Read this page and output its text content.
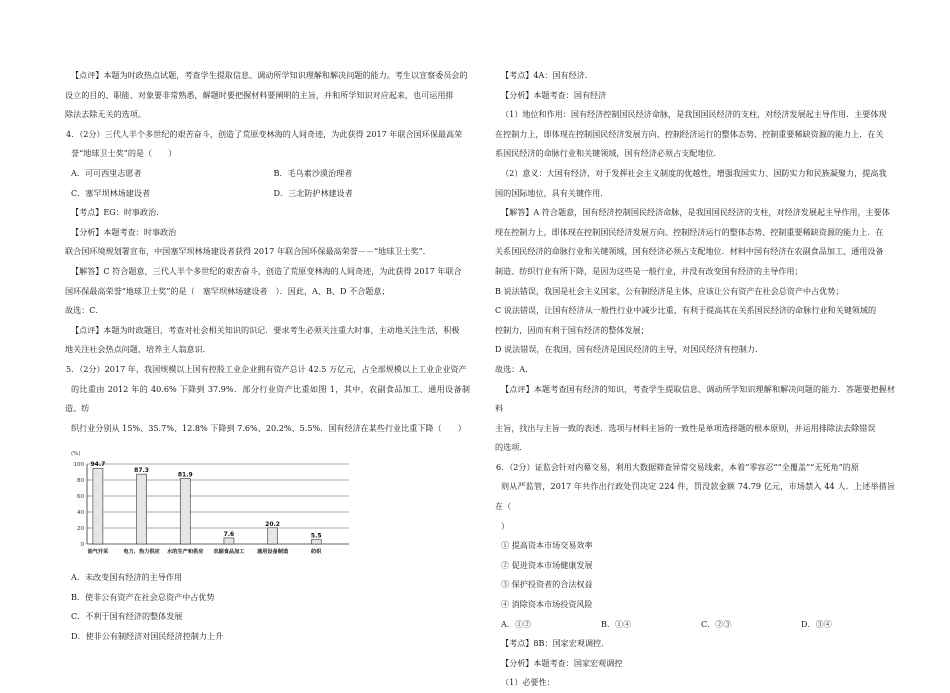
【点评】本题为时政热点试题，考查学生提取信息、调动所学知识理解和解决问题的能力。考生以宣察委员会的

设立的目的、职能、对象要非常熟悉，解题时要把握材料要阐明的主旨，并和所学知识对应起来，也可运用排

除法去除无关的选项。

4．（2分）三代人半个多世纪的艰苦奋斗，创造了荒原变林海的人间奇迹，为此获得 2017 年联合国环保最高荣

誉“地球卫士奖”的是（　　）

A．可可西里志愿者	B．毛乌素沙漠治理者
C．塞罕坝林场建设者	D．三北防护林建设者

【考点】EG：时事政治．

【分析】本题考查：时事政治

联合国环境规划署宣布，中国塞罕坝林场建设者获得 2017 年联合国环保最高荣誉－－“地球卫士奖”．

【解答】C 符合题意，三代人半个多世纪的艰苦奋斗，创造了荒原变林海的人间奇迹，为此获得 2017 年联合

国环保最高荣誉“地球卫士奖”的是（　塞罕坝林场建设者　）．因此，A、B、D 不合题意；

故选：C．

【点评】本题为时政题目，考查对社会相关知识的识记．要求考生必须关注重大时事，主动地关注生活，积极

地关注社会热点问题，培养主人翁意识．

5．（2分）2017 年，我国规模以上国有控股工业企业拥有资产总计 42.5 万亿元，占全部规模以上工业企业资产

的比重由 2012 年的 40.6% 下降到 37.9%．部分行业资产比重如图 1，其中，农副食品加工、通用设备制造、纺

织行业分别从 15%、35.7%、12.8% 下降到 7.6%、20.2%、5.5%．国有经济在某些行业比重下降（　　）

(%)
100
80
60
40
20
0
94.7
油气开采
87.3
电力、热力供应
81.9
水的生产和供应
7.6
农副食品加工
20.2
通用设备制造
5.5
纺织

A．未改变国有经济的主导作用

B．使非公有资产在社会总资产中占优势

C．不利于国有经济的整体发展

D．使非公有制经济对国民经济控制力上升

【考点】4A：国有经济．

【分析】本题考查：国有经济

（1）地位和作用：国有经济控制国民经济命脉，是我国国民经济的支柱，对经济发展起主导作用．主要体现

在控制力上，即体现在控制国民经济发展方向、控制经济运行的整体态势、控制重要稀缺资源的能力上．在关

系国民经济的命脉行业和关键领域，国有经济必须占支配地位．

（2）意义：大国有经济，对于发挥社会主义制度的优越性，增强我国实力、国防实力和民族凝聚力，提高我

国的国际地位，具有关键作用．

【解答】A 符合题意，国有经济控制国民经济命脉，是我国国民经济的支柱，对经济发展起主导作用，主要体

现在控制力上，即体现在控制国民经济发展方向、控制经济运行的整体态势、控制重要稀缺资源的能力上．在

关系国民经济的命脉行业和关键领域，国有经济必须占支配地位．材料中国有经济在农副食品加工、通用设备

制造、纺织行业有所下降，是因为这些是一般行业，并没有改变国有经济的主导作用；

B 说法错误，我国是社会主义国家，公有制经济是主体，应该让公有资产在社会总资产中占优势；

C 说法错误，让国有经济从一般性行业中减少比重，有利于提高其在关系国民经济的命脉行业和关键领域的

控制力，因而有利于国有经济的整体发展；

D 说法错误，在我国，国有经济是国民经济的主导，对国民经济有控制力．

故选：A．

【点评】本题考查国有经济的知识，考查学生提取信息、调动所学知识理解和解决问题的能力．答题要把握材料

主旨，找出与主旨一致的表述．选项与材料主旨的一致性是单项选择题的根本原则，并运用排除法去除错误

的选项．

6．（2分）证监会针对内幕交易，利用大数据筛查异常交易线索，本着“零容忍”“全覆盖”“无死角”的原

则从严监管，2017 年共作出行政处罚决定 224 件，罚没款金额 74.79 亿元，市场禁入 44 人．上述举措旨在（

）

① 提高资本市场交易效率

② 促进资本市场健康发展

③ 保护投资者的合法权益

④ 消除资本市场投资风险

A．①②	B．①④	C．②③	D．③④

【考点】8B：国家宏观调控．

【分析】本题考查：国家宏观调控

（1）必要性：
